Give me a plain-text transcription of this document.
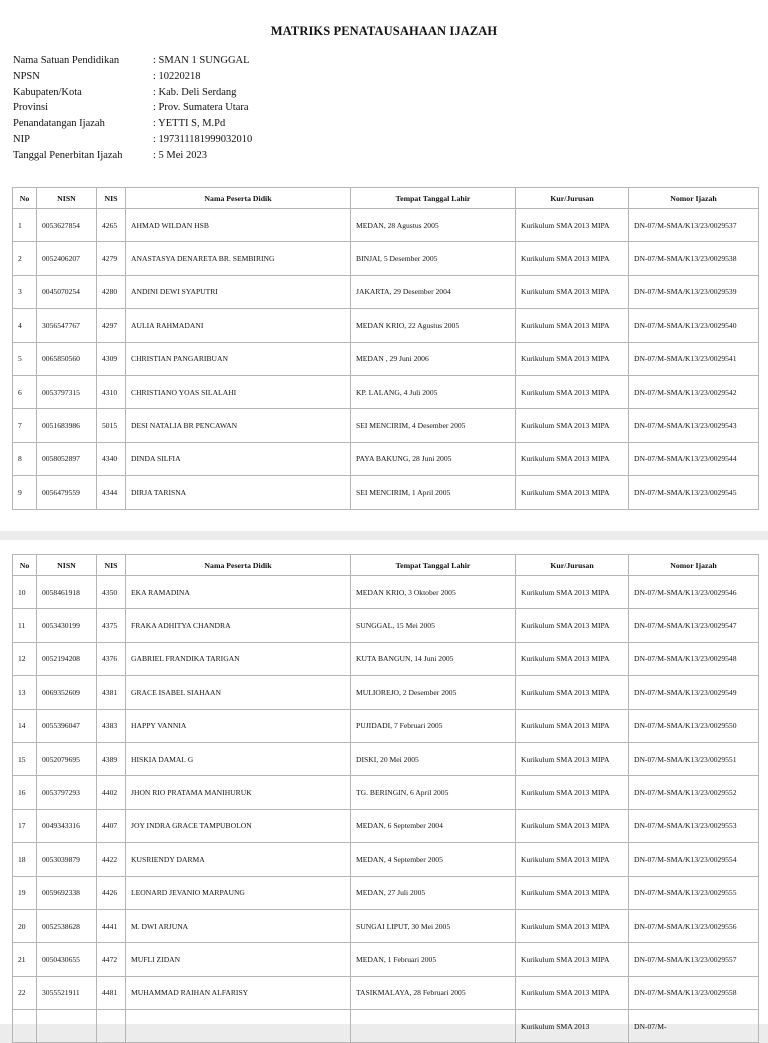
MATRIKS PENATAUSAHAAN IJAZAH
Nama Satuan Pendidikan	: SMAN 1 SUNGGAL
NPSN	: 10220218
Kabupaten/Kota	: Kab. Deli Serdang
Provinsi	: Prov. Sumatera Utara
Penandatangan Ijazah	: YETTI S, M.Pd
NIP	: 197311181999032010
Tanggal Penerbitan Ijazah	: 5 Mei 2023
No	NISN	NIS	Nama Peserta Didik	Tempat Tanggal Lahir	Kur/Jurusan	Nomor Ijazah
1	0053627854	4265	AHMAD WILDAN HSB	MEDAN, 28 Agustus 2005	Kurikulum SMA 2013 MIPA	DN-07/M-SMA/K13/23/0029537
2	0052406207	4279	ANASTASYA DENARETA BR. SEMBIRING	BINJAI, 5 Desember 2005	Kurikulum SMA 2013 MIPA	DN-07/M-SMA/K13/23/0029538
3	0045070254	4280	ANDINI DEWI SYAPUTRI	JAKARTA, 29 Desember 2004	Kurikulum SMA 2013 MIPA	DN-07/M-SMA/K13/23/0029539
4	3056547767	4297	AULIA RAHMADANI	MEDAN KRIO, 22 Agustus 2005	Kurikulum SMA 2013 MIPA	DN-07/M-SMA/K13/23/0029540
5	0065850560	4309	CHRISTIAN PANGARIBUAN	MEDAN , 29 Juni 2006	Kurikulum SMA 2013 MIPA	DN-07/M-SMA/K13/23/0029541
6	0053797315	4310	CHRISTIANO YOAS SILALAHI	KP. LALANG, 4 Juli 2005	Kurikulum SMA 2013 MIPA	DN-07/M-SMA/K13/23/0029542
7	0051683986	5015	DESI NATALIA BR PENCAWAN	SEI MENCIRIM, 4 Desember 2005	Kurikulum SMA 2013 MIPA	DN-07/M-SMA/K13/23/0029543
8	0058052897	4340	DINDA SILFIA	PAYA BAKUNG, 28 Juni 2005	Kurikulum SMA 2013 MIPA	DN-07/M-SMA/K13/23/0029544
9	0056479559	4344	DIRJA TARISNA	SEI MENCIRIM, 1 April 2005	Kurikulum SMA 2013 MIPA	DN-07/M-SMA/K13/23/0029545
No	NISN	NIS	Nama Peserta Didik	Tempat Tanggal Lahir	Kur/Jurusan	Nomor Ijazah
10	0058461918	4350	EKA RAMADINA	MEDAN KRIO, 3 Oktober 2005	Kurikulum SMA 2013 MIPA	DN-07/M-SMA/K13/23/0029546
11	0053430199	4375	FRAKA ADHITYA CHANDRA	SUNGGAL, 15 Mei 2005	Kurikulum SMA 2013 MIPA	DN-07/M-SMA/K13/23/0029547
12	0052194208	4376	GABRIEL FRANDIKA TARIGAN	KUTA BANGUN, 14 Juni 2005	Kurikulum SMA 2013 MIPA	DN-07/M-SMA/K13/23/0029548
13	0069352609	4381	GRACE ISABEL SIAHAAN	MULIOREJO, 2 Desember 2005	Kurikulum SMA 2013 MIPA	DN-07/M-SMA/K13/23/0029549
14	0055396047	4383	HAPPY VANNIA	PUJIDADI, 7 Februari 2005	Kurikulum SMA 2013 MIPA	DN-07/M-SMA/K13/23/0029550
15	0052079695	4389	HISKIA DAMAI. G	DISKI, 20 Mei 2005	Kurikulum SMA 2013 MIPA	DN-07/M-SMA/K13/23/0029551
16	0053797293	4402	JHON RIO PRATAMA MANIHURUK	TG. BERINGIN, 6 April 2005	Kurikulum SMA 2013 MIPA	DN-07/M-SMA/K13/23/0029552
17	0049343316	4407	JOY INDRA GRACE TAMPUBOLON	MEDAN, 6 September 2004	Kurikulum SMA 2013 MIPA	DN-07/M-SMA/K13/23/0029553
18	0053039879	4422	KUSRIENDY DARMA	MEDAN, 4 September 2005	Kurikulum SMA 2013 MIPA	DN-07/M-SMA/K13/23/0029554
19	0059692338	4426	LEONARD JEVANIO MARPAUNG	MEDAN, 27 Juli 2005	Kurikulum SMA 2013 MIPA	DN-07/M-SMA/K13/23/0029555
20	0052538628	4441	M. DWI ARJUNA	SUNGAI LIPUT, 30 Mei 2005	Kurikulum SMA 2013 MIPA	DN-07/M-SMA/K13/23/0029556
21	0050430655	4472	MUFLI ZIDAN	MEDAN, 1 Februari 2005	Kurikulum SMA 2013 MIPA	DN-07/M-SMA/K13/23/0029557
22	3055521911	4481	MUHAMMAD RAIHAN ALFARISY	TASIKMALAYA, 28 Februari 2005	Kurikulum SMA 2013 MIPA	DN-07/M-SMA/K13/23/0029558
					Kurikulum SMA 2013	DN-07/M-
